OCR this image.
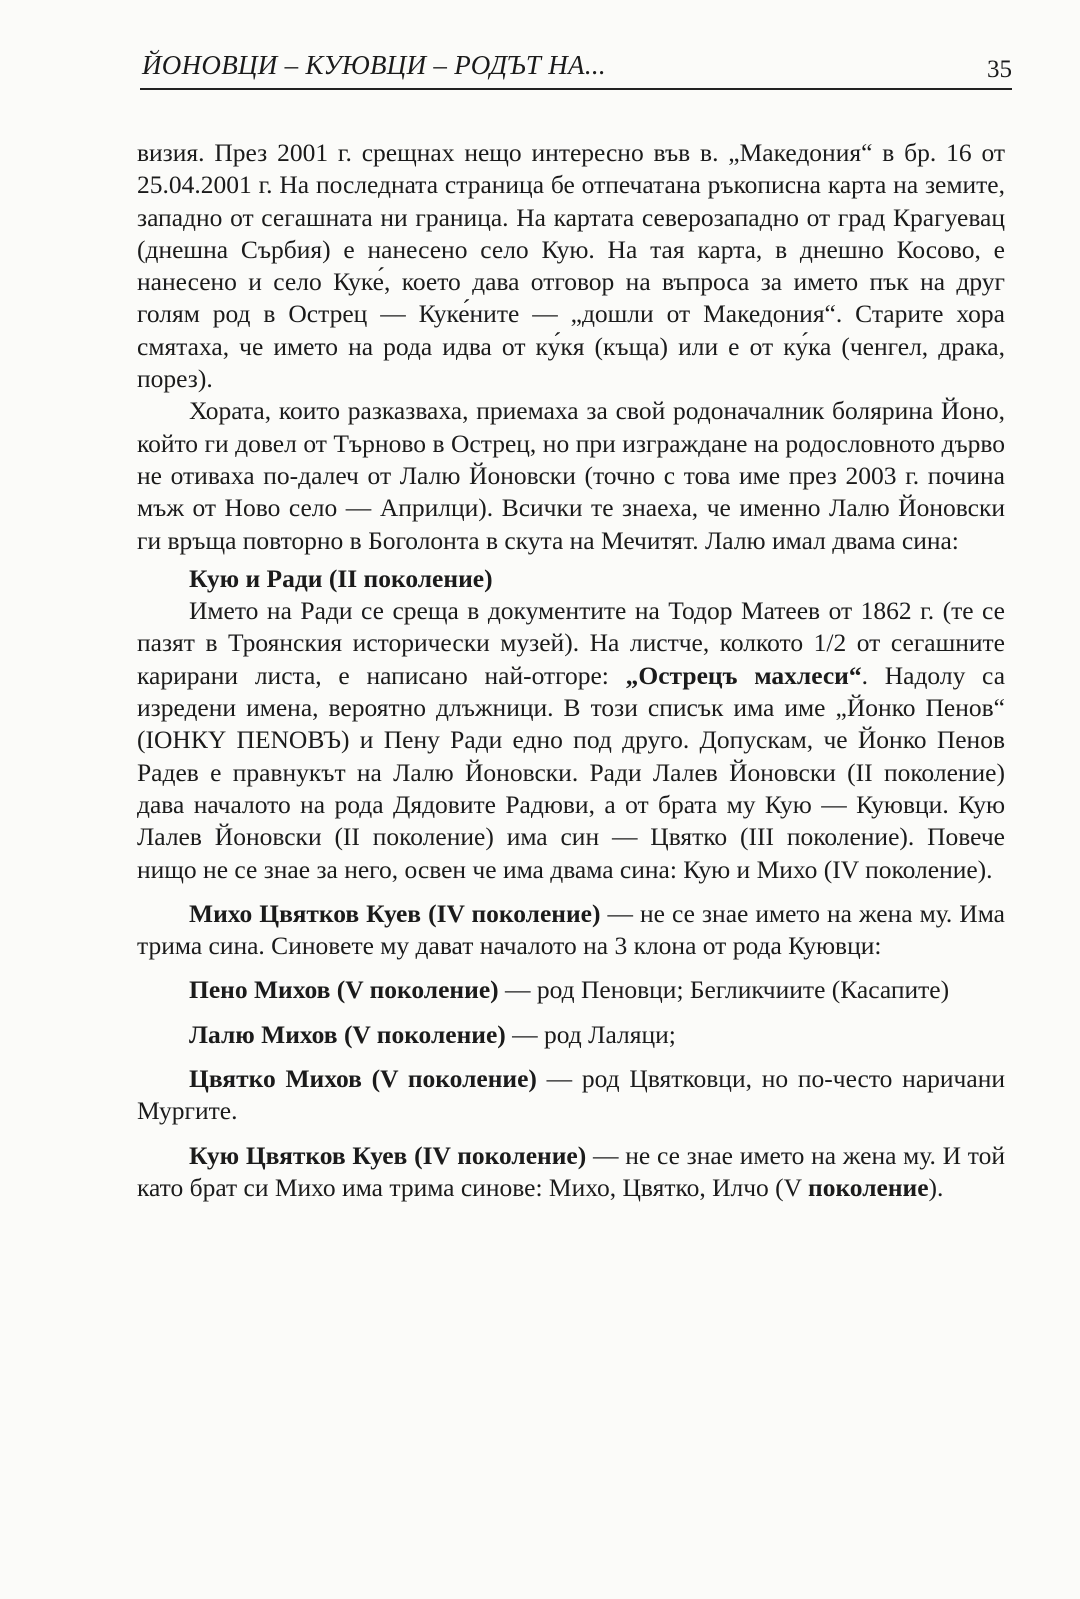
ЙОНОВЦИ – КУЮВЦИ – РОДЪТ НА...	35

визия. През 2001 г. срещнах нещо интересно във в. „Македония“ в бр. 16 от 25.04.2001 г. На последната страница бе отпечатана ръкописна карта на земите, западно от сегашната ни граница. На картата северозападно от град Крагуевац (днешна Сърбия) е нанесено село Кую. На тая карта, в днешно Косово, е нанесено и село Куке́, което дава отговор на въпроса за името пък на друг голям род в Острец — Куке́ните — „дошли от Македония“. Старите хора смятаха, че името на рода идва от ку́кя (къща) или е от ку́ка (ченгел, драка, порез).

Хората, които разказваха, приемаха за свой родоначалник болярина Йоно, който ги довел от Търново в Острец, но при изграждане на родословното дърво не отиваха по-далеч от Лалю Йоновски (точно с това име през 2003 г. почина мъж от Ново село — Априлци). Всички те знаеха, че именно Лалю Йоновски ги връща повторно в Боголонта в скута на Мечитят. Лалю имал двама сина:

Кую и Ради (II поколение)

Името на Ради се среща в документите на Тодор Матеев от 1862 г. (те се пазят в Троянския исторически музей). На листче, колкото 1/2 от сегашните карирани листа, е написано най-отгоре: „Острецъ махлеси“. Надолу са изредени имена, вероятно длъжници. В този списък има име „Йонко Пенов“ (ІОНКҮ ПЕNОВЪ) и Пену Ради едно под друго. Допускам, че Йонко Пенов Радев е правнукът на Лалю Йоновски. Ради Лалев Йоновски (II поколение) дава началото на рода Дядовите Радюви, а от брата му Кую — Куювци. Кую Лалев Йоновски (II поколение) има син — Цвятко (III поколение). Повече нищо не се знае за него, освен че има двама сина: Кую и Михо (IV поколение).

Михо Цвятков Куев (IV поколение) — не се знае името на жена му. Има трима сина. Синовете му дават началото на 3 клона от рода Куювци:

Пено Михов (V поколение) — род Пеновци; Бегликчиите (Касапите)

Лалю Михов (V поколение) — род Лаляци;

Цвятко Михов (V поколение) — род Цвятковци, но по-често наричани Мургите.

Кую Цвятков Куев (IV поколение) — не се знае името на жена му. И той като брат си Михо има трима синове: Михо, Цвятко, Илчо (V поколение).
